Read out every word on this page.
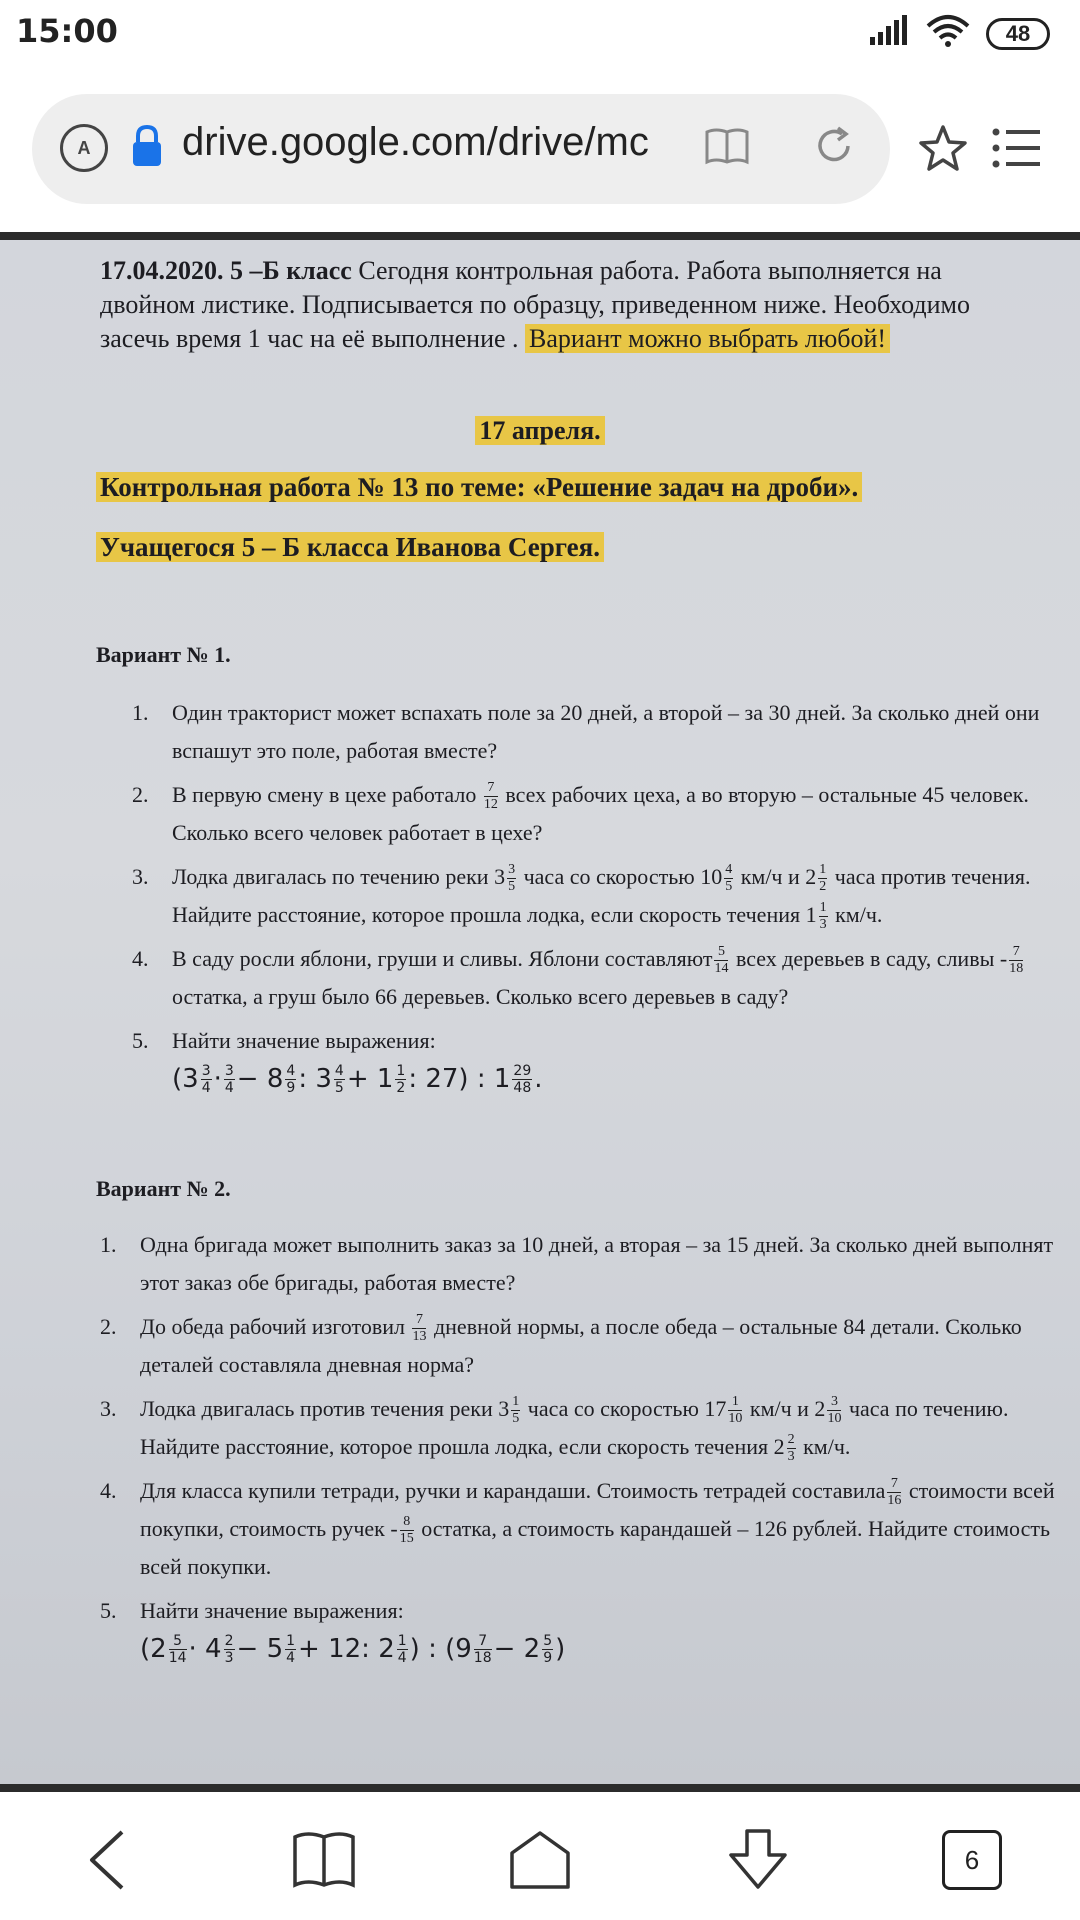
15:00	48
A	drive.google.com/drive/mc

17.04.2020. 5 –Б класс Сегодня контрольная работа. Работа выполняется на двойном листике. Подписывается по образцу, приведенном ниже. Необходимо засечь время 1 час на её выполнение . Вариант можно выбрать любой!

17 апреля.
Контрольная работа № 13 по теме: «Решение задач на дроби».
Учащегося 5 – Б класса Иванова Сергея.
Вариант № 1.
1.	Один тракторист может вспахать поле за 20 дней, а второй – за 30 дней. За сколько дней они вспашут это поле, работая вместе?
2.	В первую смену в цехе работало $\frac{7}{12}$ всех рабочих цеха, а во вторую – остальные 45 человек. Сколько всего человек работает в цехе?
3.	Лодка двигалась по течению реки $3 \frac{3}{5}$ часа со скоростью $10 \frac{4}{5} км/ч$ и $2 \frac{1}{2}$ часа против течения. Найдите расстояние, которое прошла лодка, если скорость течения $1 \frac{1}{3} км/ч$.
4.	В саду росли яблони, груши и сливы. Яблони составляют $\frac{5}{14}$ всех деревьев в саду, сливы - $\frac{7}{18}$
остатка, а груш было 66 деревьев. Сколько всего деревьев в саду?
5.	Найти значение выражения:

($3 \frac{3}{4} \cdot \frac{3}{4} - 8 \frac{4}{9}$ : $3 \frac{4}{5} + 1 \frac{1}{2}$ : 27) : $1 \frac{29}{48}$ .
Вариант № 2.
1.	Одна бригада может выполнить заказ за 10 дней, а вторая – за 15 дней. За сколько дней выполнят этот заказ обе бригады, работая вместе?
2.	До обеда рабочий изготовил $\frac{7}{13}$ дневной нормы, а после обеда – остальные 84 детали. Сколько деталей составляла дневная норма?
3.	Лодка двигалась против течения реки $3 \frac{1}{5}$ часа со скоростью $17 \frac{1}{10} км/ч$ и $2 \frac{3}{10}$ часа по течению. Найдите расстояние, которое прошла лодка, если скорость течения $2 \frac{2}{3} км/ч$.
4.	Для класса купили тетради, ручки и карандаши. Стоимость тетрадей составила $\frac{7}{16}$ стоимости всей покупки, стоимость ручек - $\frac{8}{15}$ остатка, а стоимость карандашей – 126 рублей. Найдите стоимость всей покупки.
5.	Найти значение выражения:

($2 \frac{5}{14} \cdot 4 \frac{2}{3} - 5 \frac{1}{4} + 12$: $2 \frac{1}{4}$ ) : ($9 \frac{7}{18} - 2 \frac{5}{9}$ )
6
